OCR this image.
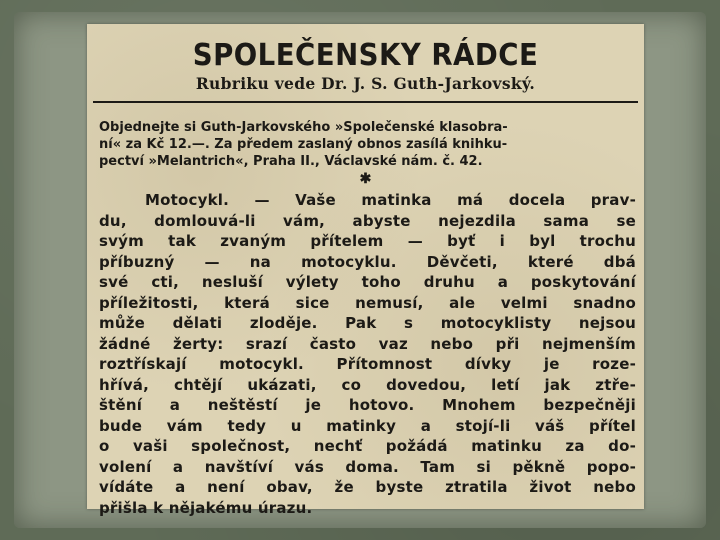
SPOLEČENSKY RÁDCE
Rubriku vede Dr. J. S. Guth-Jarkovský.
Objednejte si Guth-Jarkovského »Společenské klasobra-
ní« za Kč 12.—. Za předem zaslaný obnos zasílá knihku-
pectví »Melantrich«, Praha II., Václavské nám. č. 42.
✱
Motocykl. — Vaše matinka má docela prav-
du, domlouvá-li vám, abyste nejezdila sama se
svým tak zvaným přítelem — byť i byl trochu
příbuzný — na motocyklu. Děvčeti, které dbá
své cti, nesluší výlety toho druhu a poskytování
příležitosti, která sice nemusí, ale velmi snadno
může dělati zloděje. Pak s motocyklisty nejsou
žádné žerty: srazí často vaz nebo při nejmenším
roztřískají motocykl. Přítomnost dívky je roze-
hřívá, chtějí ukázati, co dovedou, letí jak ztře-
štění a neštěstí je hotovo. Mnohem bezpečněji
bude vám tedy u matinky a stojí-li váš přítel
o vaši společnost, nechť požádá matinku za do-
volení a navštíví vás doma. Tam si pěkně popo-
vídáte a není obav, že byste ztratila život nebo
přišla k nějakému úrazu.
